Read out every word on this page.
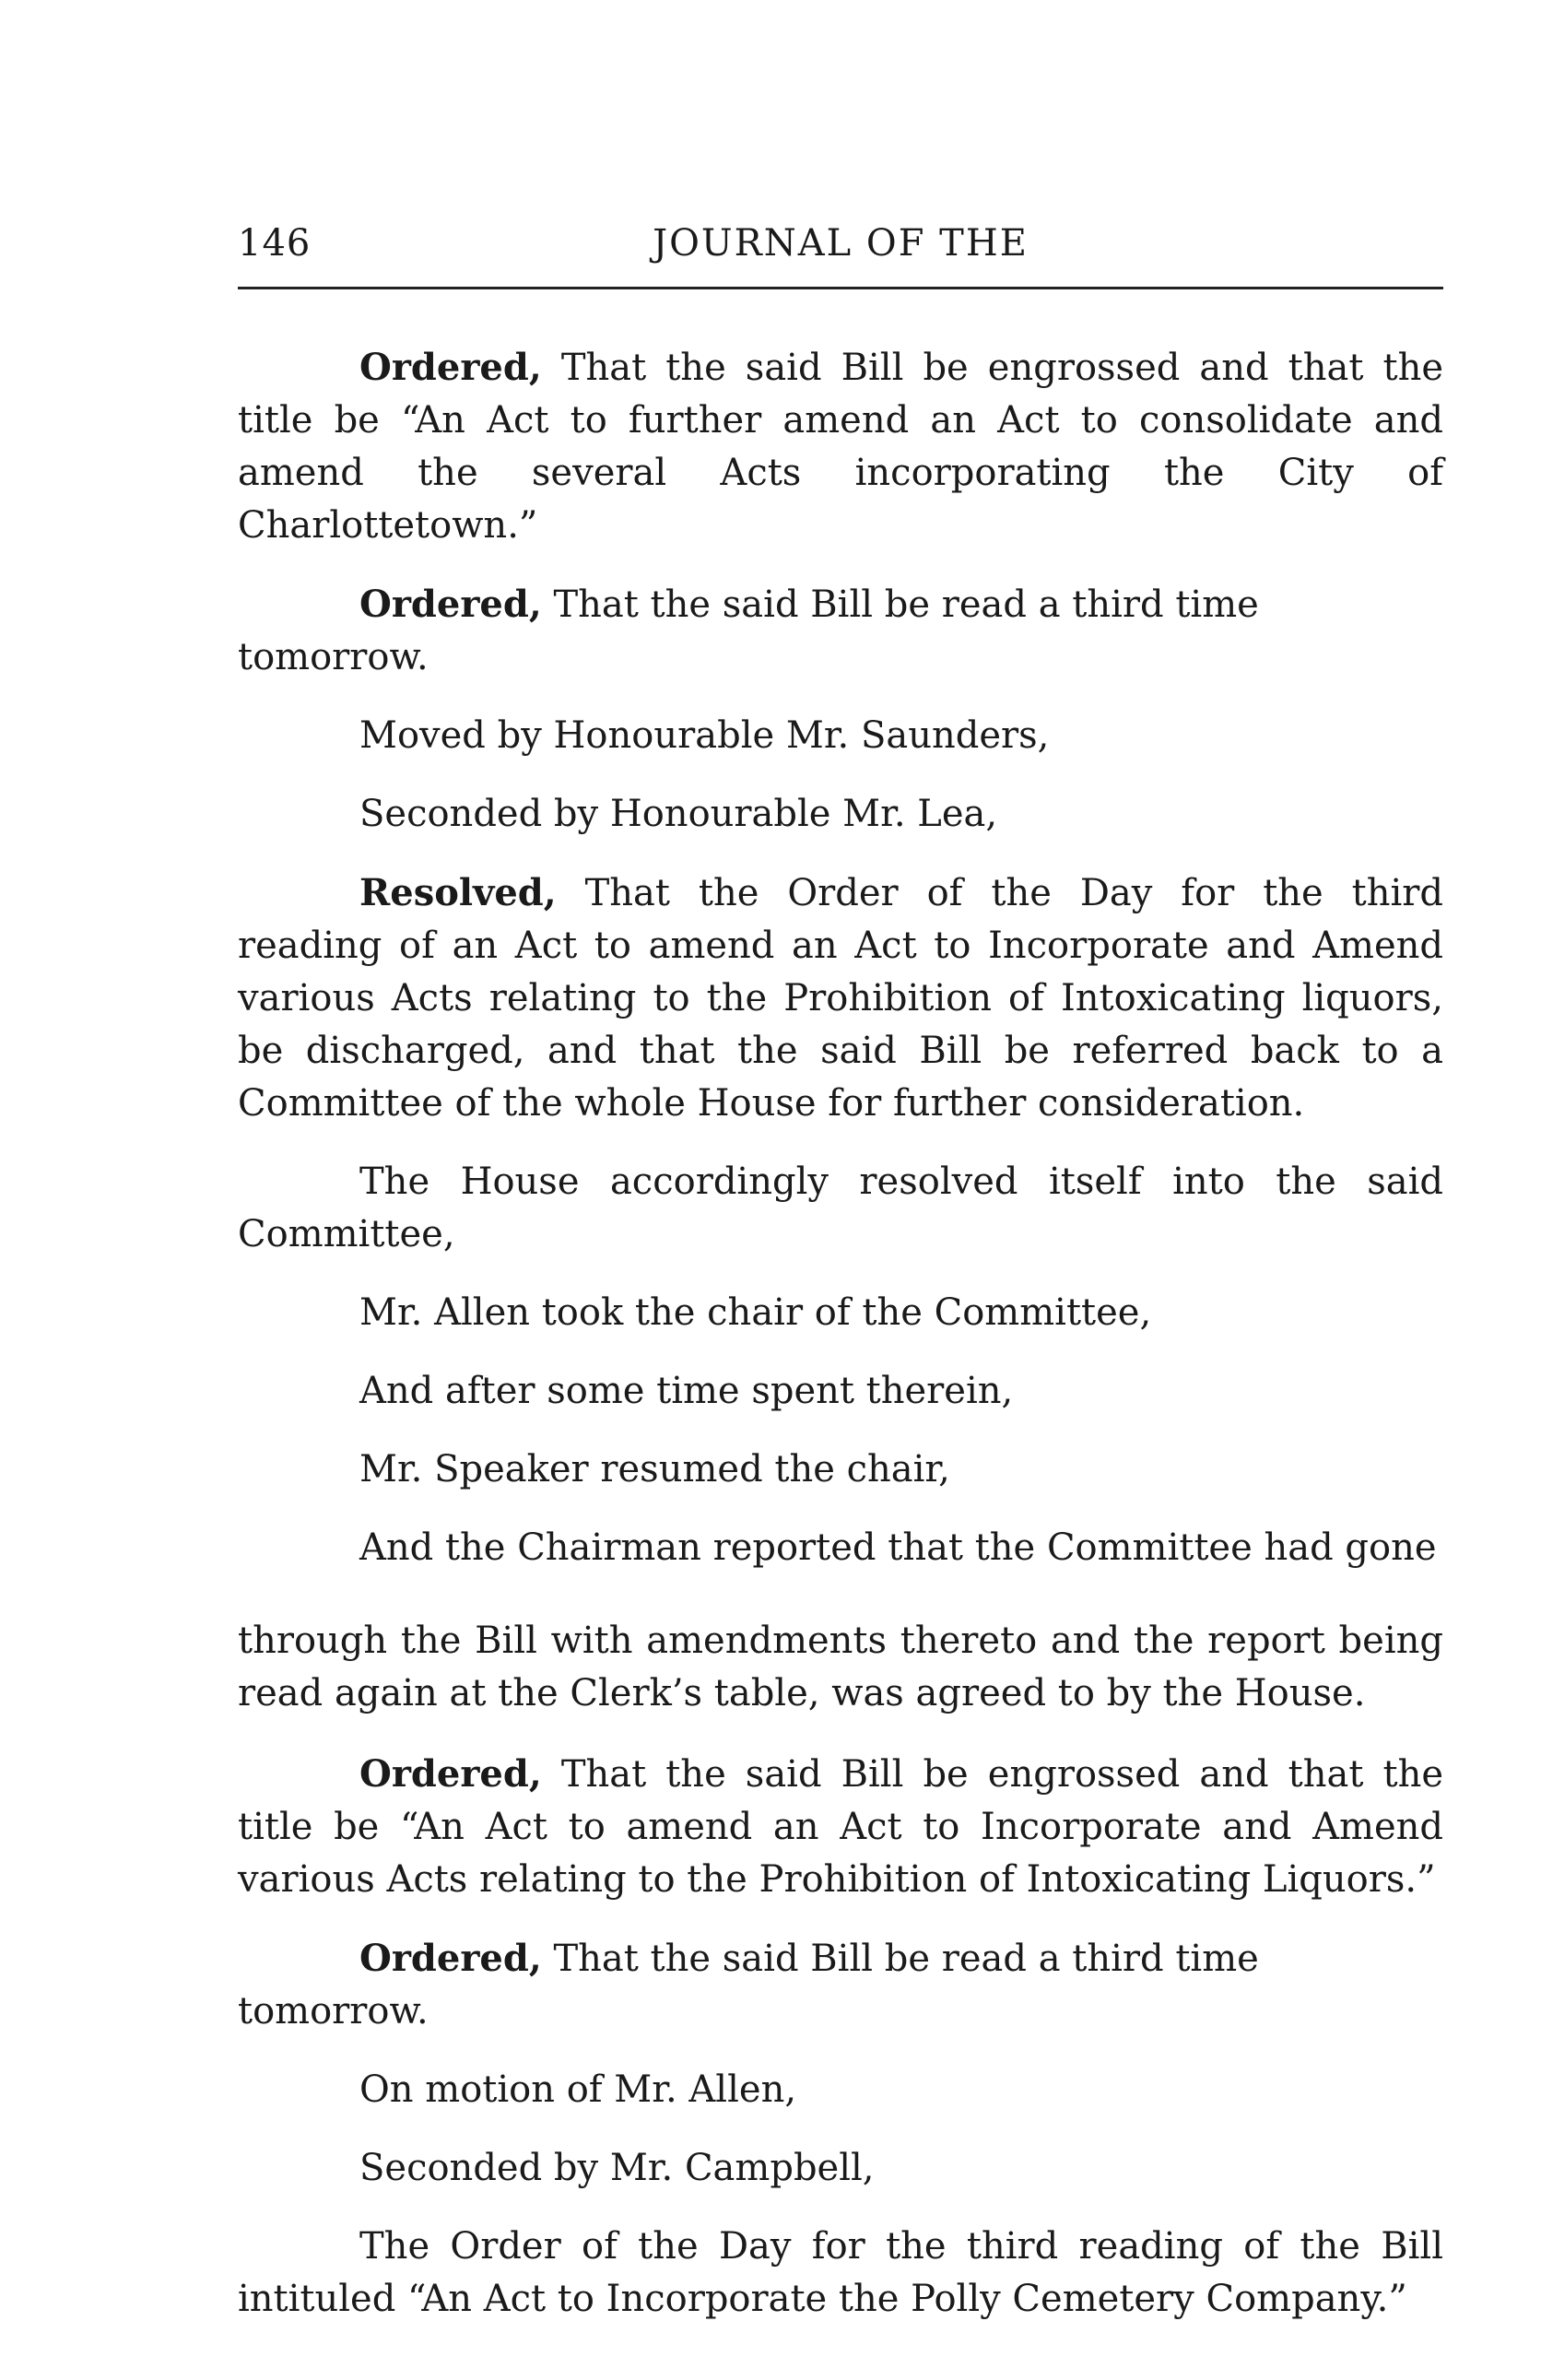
146	JOURNAL OF THE

Ordered, That the said Bill be engrossed and that the title be “An Act to further amend an Act to consolidate and amend the several Acts incorporating the City of Charlottetown.”

Ordered, That the said Bill be read a third time tomorrow.

Moved by Honourable Mr. Saunders,

Seconded by Honourable Mr. Lea,

Resolved, That the Order of the Day for the third reading of an Act to amend an Act to Incorporate and Amend various Acts relating to the Prohibition of Intoxicating liquors, be discharged, and that the said Bill be referred back to a Committee of the whole House for further consideration.

The House accordingly resolved itself into the said Committee,

Mr. Allen took the chair of the Committee,

And after some time spent therein,

Mr. Speaker resumed the chair,

And the Chairman reported that the Committee had gone

through the Bill with amendments thereto and the report being read again at the Clerk’s table, was agreed to by the House.

Ordered, That the said Bill be engrossed and that the title be “An Act to amend an Act to Incorporate and Amend various Acts relating to the Prohibition of Intoxicating Liquors.”

Ordered, That the said Bill be read a third time tomorrow.

On motion of Mr. Allen,

Seconded by Mr. Campbell,

The Order of the Day for the third reading of the Bill intituled “An Act to Incorporate the Polly Cemetery Company.”
